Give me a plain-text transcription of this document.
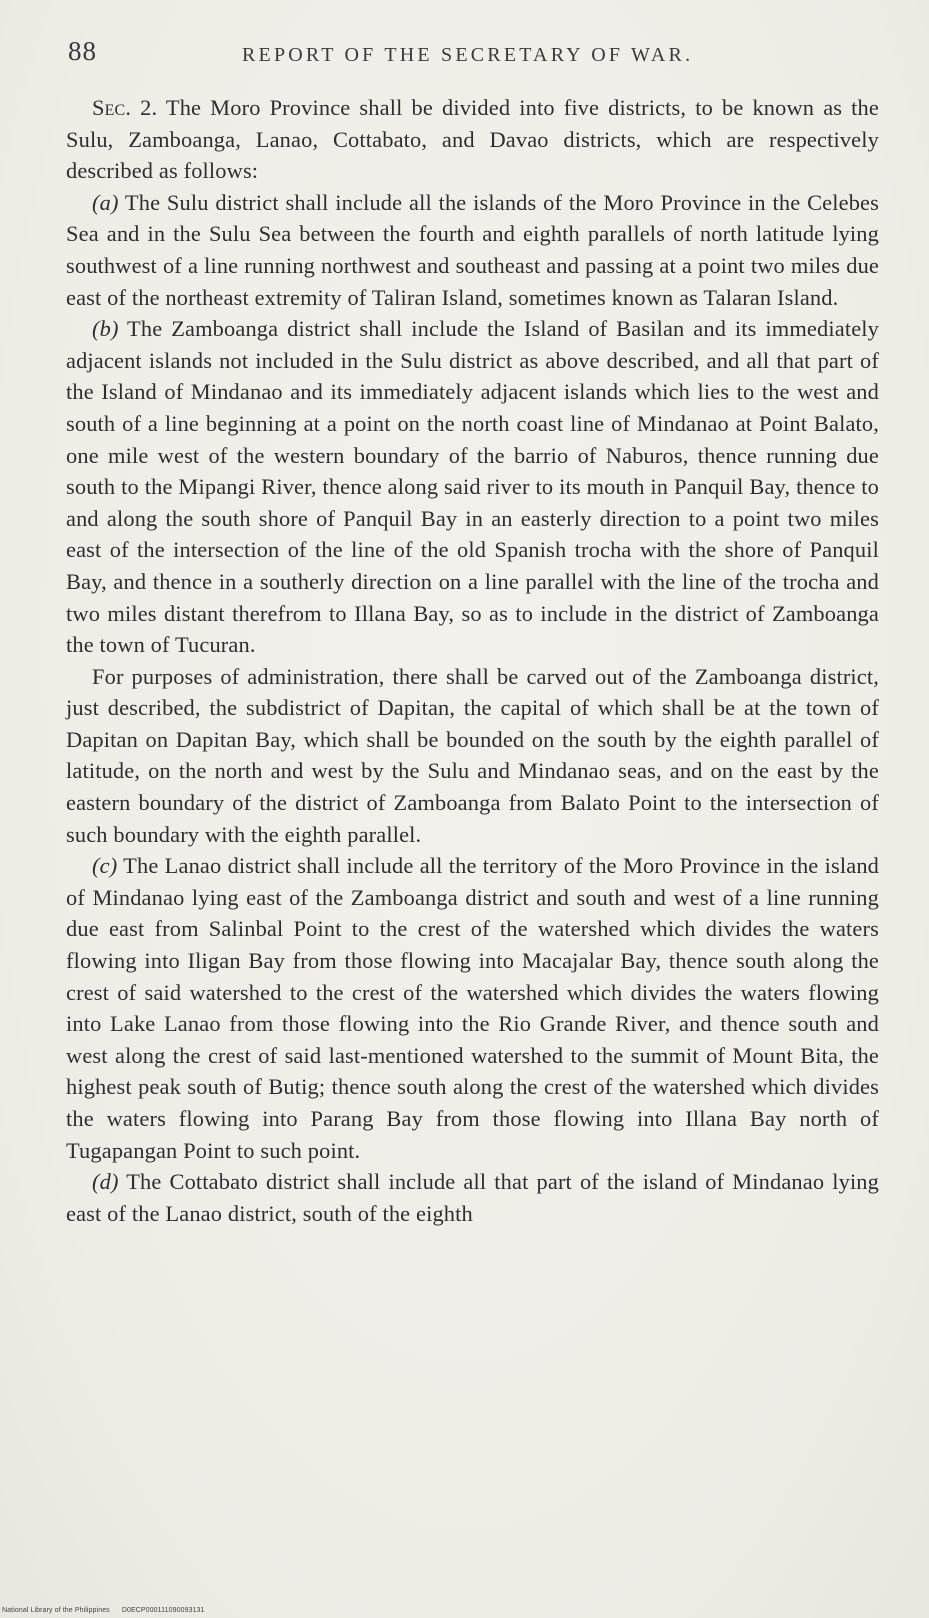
88	REPORT OF THE SECRETARY OF WAR.

Sec. 2. The Moro Province shall be divided into five districts, to be known as the Sulu, Zamboanga, Lanao, Cottabato, and Davao districts, which are respectively described as follows:

(a) The Sulu district shall include all the islands of the Moro Province in the Celebes Sea and in the Sulu Sea between the fourth and eighth parallels of north latitude lying southwest of a line running northwest and southeast and passing at a point two miles due east of the northeast extremity of Taliran Island, sometimes known as Talaran Island.

(b) The Zamboanga district shall include the Island of Basilan and its immediately adjacent islands not included in the Sulu district as above described, and all that part of the Island of Mindanao and its immediately adjacent islands which lies to the west and south of a line beginning at a point on the north coast line of Mindanao at Point Balato, one mile west of the western boundary of the barrio of Naburos, thence running due south to the Mipangi River, thence along said river to its mouth in Panquil Bay, thence to and along the south shore of Panquil Bay in an easterly direction to a point two miles east of the intersection of the line of the old Spanish trocha with the shore of Panquil Bay, and thence in a southerly direction on a line parallel with the line of the trocha and two miles distant therefrom to Illana Bay, so as to include in the district of Zamboanga the town of Tucuran.

For purposes of administration, there shall be carved out of the Zamboanga district, just described, the subdistrict of Dapitan, the capital of which shall be at the town of Dapitan on Dapitan Bay, which shall be bounded on the south by the eighth parallel of latitude, on the north and west by the Sulu and Mindanao seas, and on the east by the eastern boundary of the district of Zamboanga from Balato Point to the intersection of such boundary with the eighth parallel.

(c) The Lanao district shall include all the territory of the Moro Province in the island of Mindanao lying east of the Zamboanga district and south and west of a line running due east from Salinbal Point to the crest of the watershed which divides the waters flowing into Iligan Bay from those flowing into Macajalar Bay, thence south along the crest of said watershed to the crest of the watershed which divides the waters flowing into Lake Lanao from those flowing into the Rio Grande River, and thence south and west along the crest of said last-mentioned watershed to the summit of Mount Bita, the highest peak south of Butig; thence south along the crest of the watershed which divides the waters flowing into Parang Bay from those flowing into Illana Bay north of Tugapangan Point to such point.

(d) The Cottabato district shall include all that part of the island of Mindanao lying east of the Lanao district, south of the eighth

National Library of the Philippines D0ECP000111090093131
